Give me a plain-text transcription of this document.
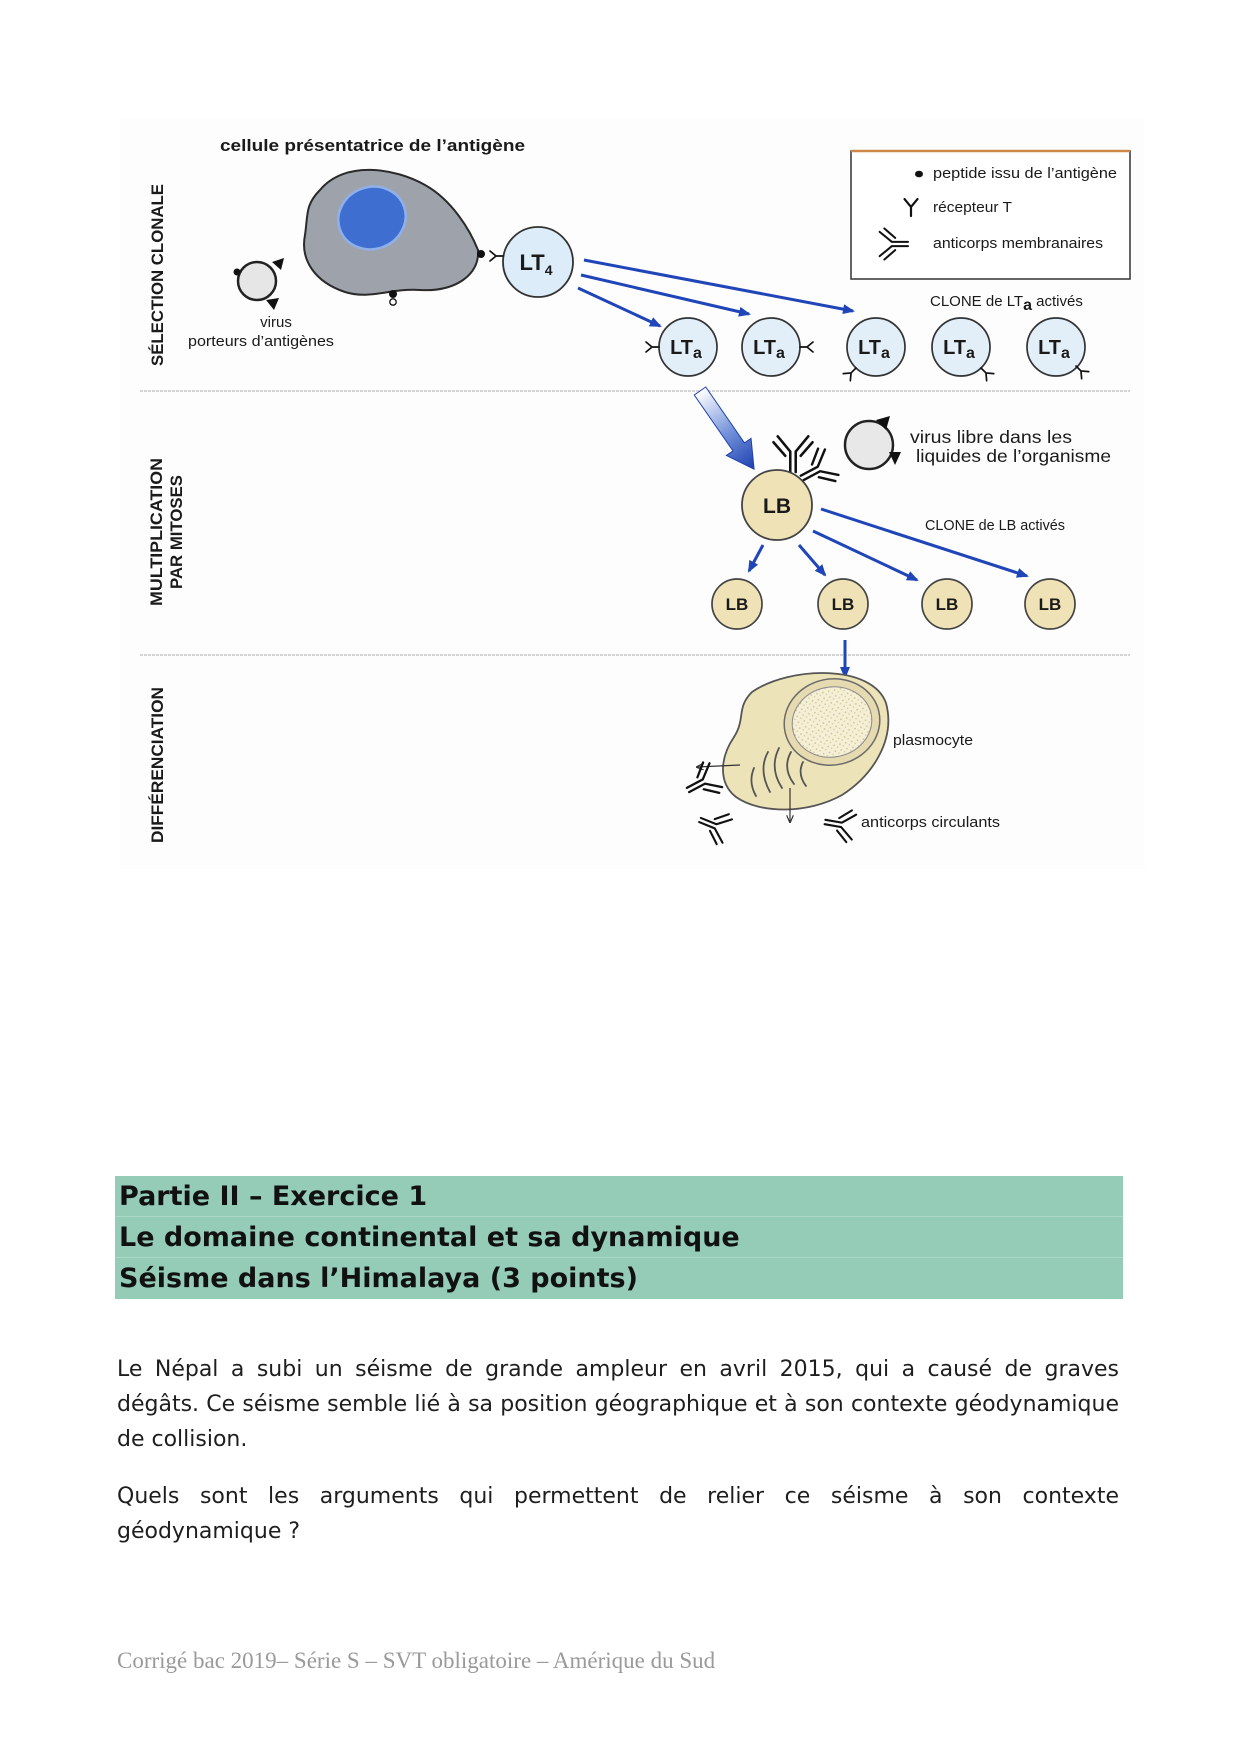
SÉLECTION CLONALE
MULTIPLICATION PAR MITOSES
DIFFÉRENCIATION
cellule présentatrice de l’antigène
virus
porteurs d’antigènes
$LT_4$
peptide issu de l’antigène
récepteur T
anticorps membranaires
CLONE de LTa activés
$LT_a$	$LT_a$	$LT_a$	$LT_a$	$LT_a$
virus libre dans les
liquides de l’organisme
LB
CLONE de LB activés
LB	LB	LB	LB
plasmocyte
anticorps circulants
Partie II – Exercice 1
Le domaine continental et sa dynamique
Séisme dans l’Himalaya (3 points)

Le Népal a subi un séisme de grande ampleur en avril 2015, qui a causé de graves dégâts. Ce séisme semble lié à sa position géographique et à son contexte géodynamique de collision.

Quels sont les arguments qui permettent de relier ce séisme à son contexte géodynamique ?

Corrigé bac 2019– Série S – SVT obligatoire – Amérique du Sud
